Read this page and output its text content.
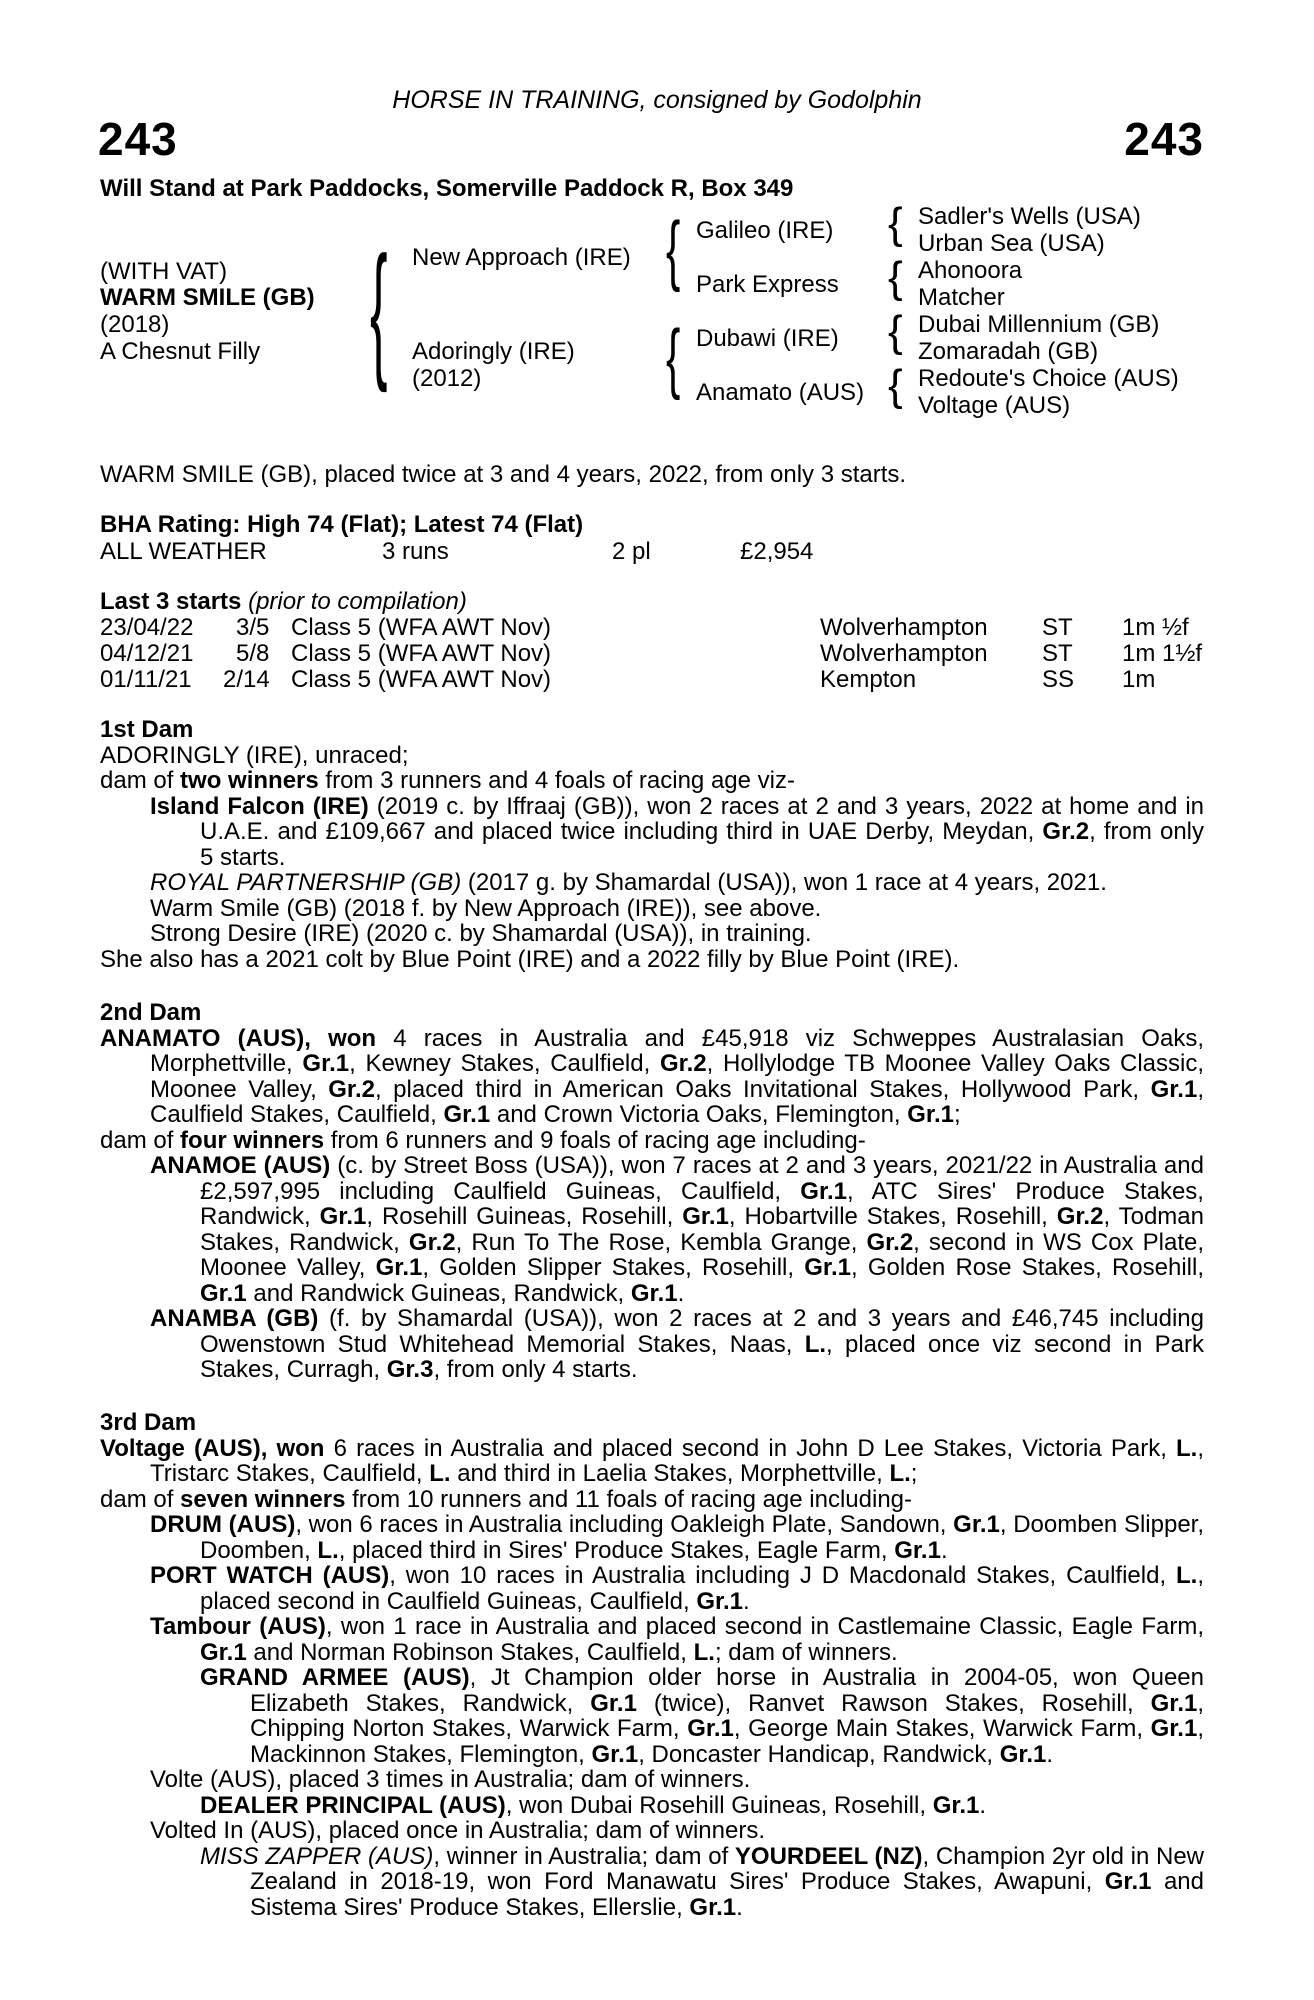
HORSE IN TRAINING, consigned by Godolphin
243	243
Will Stand at Park Paddocks, Somerville Paddock R, Box 349
(WITH VAT)
WARM SMILE (GB)
(2018)
A Chesnut Filly { New Approach (IRE)
Adoringly (IRE)
(2012)
{
{
Galileo (IRE)
Park Express
Dubawi (IRE)
Anamato (AUS)
{
{
{
{
Sadler's Wells (USA)
Urban Sea (USA)
Ahonoora
Matcher
Dubai Millennium (GB)
Zomaradah (GB)
Redoute's Choice (AUS)
Voltage (AUS)
WARM SMILE (GB), placed twice at 3 and 4 years, 2022, from only 3 starts.
BHA Rating: High 74 (Flat); Latest 74 (Flat)
ALL WEATHER	3 runs	2 pl	£2,954
Last 3 starts (prior to compilation)
23/04/22 3/5 Class 5 (WFA AWT Nov)	Wolverhampton ST 1m ½f
04/12/21 5/8 Class 5 (WFA AWT Nov)	Wolverhampton ST 1m 1½f
01/11/21 2/14 Class 5 (WFA AWT Nov)	Kempton	SS 1m
1st Dam
ADORINGLY (IRE), unraced;
dam of two winners from 3 runners and 4 foals of racing age viz-
Island Falcon (IRE) (2019 c. by Iffraaj (GB)), won 2 races at 2 and 3 years, 2022 at home and in U.A.E. and £109,667 and placed twice including third in UAE Derby, Meydan, Gr.2, from only 5 starts.
ROYAL PARTNERSHIP (GB) (2017 g. by Shamardal (USA)), won 1 race at 4 years, 2021.
Warm Smile (GB) (2018 f. by New Approach (IRE)), see above.
Strong Desire (IRE) (2020 c. by Shamardal (USA)), in training.
She also has a 2021 colt by Blue Point (IRE) and a 2022 filly by Blue Point (IRE).
2nd Dam
ANAMATO (AUS), won 4 races in Australia and £45,918 viz Schweppes Australasian Oaks, Morphettville, Gr.1, Kewney Stakes, Caulfield, Gr.2, Hollylodge TB Moonee Valley Oaks Classic, Moonee Valley, Gr.2, placed third in American Oaks Invitational Stakes, Hollywood Park, Gr.1, Caulfield Stakes, Caulfield, Gr.1 and Crown Victoria Oaks, Flemington, Gr.1;
dam of four winners from 6 runners and 9 foals of racing age including-
ANAMOE (AUS) (c. by Street Boss (USA)), won 7 races at 2 and 3 years, 2021/22 in Australia and £2,597,995 including Caulfield Guineas, Caulfield, Gr.1, ATC Sires' Produce Stakes, Randwick, Gr.1, Rosehill Guineas, Rosehill, Gr.1, Hobartville Stakes, Rosehill, Gr.2, Todman Stakes, Randwick, Gr.2, Run To The Rose, Kembla Grange, Gr.2, second in WS Cox Plate, Moonee Valley, Gr.1, Golden Slipper Stakes, Rosehill, Gr.1, Golden Rose Stakes, Rosehill, Gr.1 and Randwick Guineas, Randwick, Gr.1.
ANAMBA (GB) (f. by Shamardal (USA)), won 2 races at 2 and 3 years and £46,745 including Owenstown Stud Whitehead Memorial Stakes, Naas, L., placed once viz second in Park Stakes, Curragh, Gr.3, from only 4 starts.
3rd Dam
Voltage (AUS), won 6 races in Australia and placed second in John D Lee Stakes, Victoria Park, L., Tristarc Stakes, Caulfield, L. and third in Laelia Stakes, Morphettville, L.;
dam of seven winners from 10 runners and 11 foals of racing age including-
DRUM (AUS), won 6 races in Australia including Oakleigh Plate, Sandown, Gr.1, Doomben Slipper, Doomben, L., placed third in Sires' Produce Stakes, Eagle Farm, Gr.1.
PORT WATCH (AUS), won 10 races in Australia including J D Macdonald Stakes, Caulfield, L., placed second in Caulfield Guineas, Caulfield, Gr.1.
Tambour (AUS), won 1 race in Australia and placed second in Castlemaine Classic, Eagle Farm, Gr.1 and Norman Robinson Stakes, Caulfield, L.; dam of winners.
GRAND ARMEE (AUS), Jt Champion older horse in Australia in 2004-05, won Queen Elizabeth Stakes, Randwick, Gr.1 (twice), Ranvet Rawson Stakes, Rosehill, Gr.1, Chipping Norton Stakes, Warwick Farm, Gr.1, George Main Stakes, Warwick Farm, Gr.1, Mackinnon Stakes, Flemington, Gr.1, Doncaster Handicap, Randwick, Gr.1.
Volte (AUS), placed 3 times in Australia; dam of winners.
DEALER PRINCIPAL (AUS), won Dubai Rosehill Guineas, Rosehill, Gr.1.
Volted In (AUS), placed once in Australia; dam of winners.
MISS ZAPPER (AUS), winner in Australia; dam of YOURDEEL (NZ), Champion 2yr old in New Zealand in 2018-19, won Ford Manawatu Sires' Produce Stakes, Awapuni, Gr.1 and Sistema Sires' Produce Stakes, Ellerslie, Gr.1.
